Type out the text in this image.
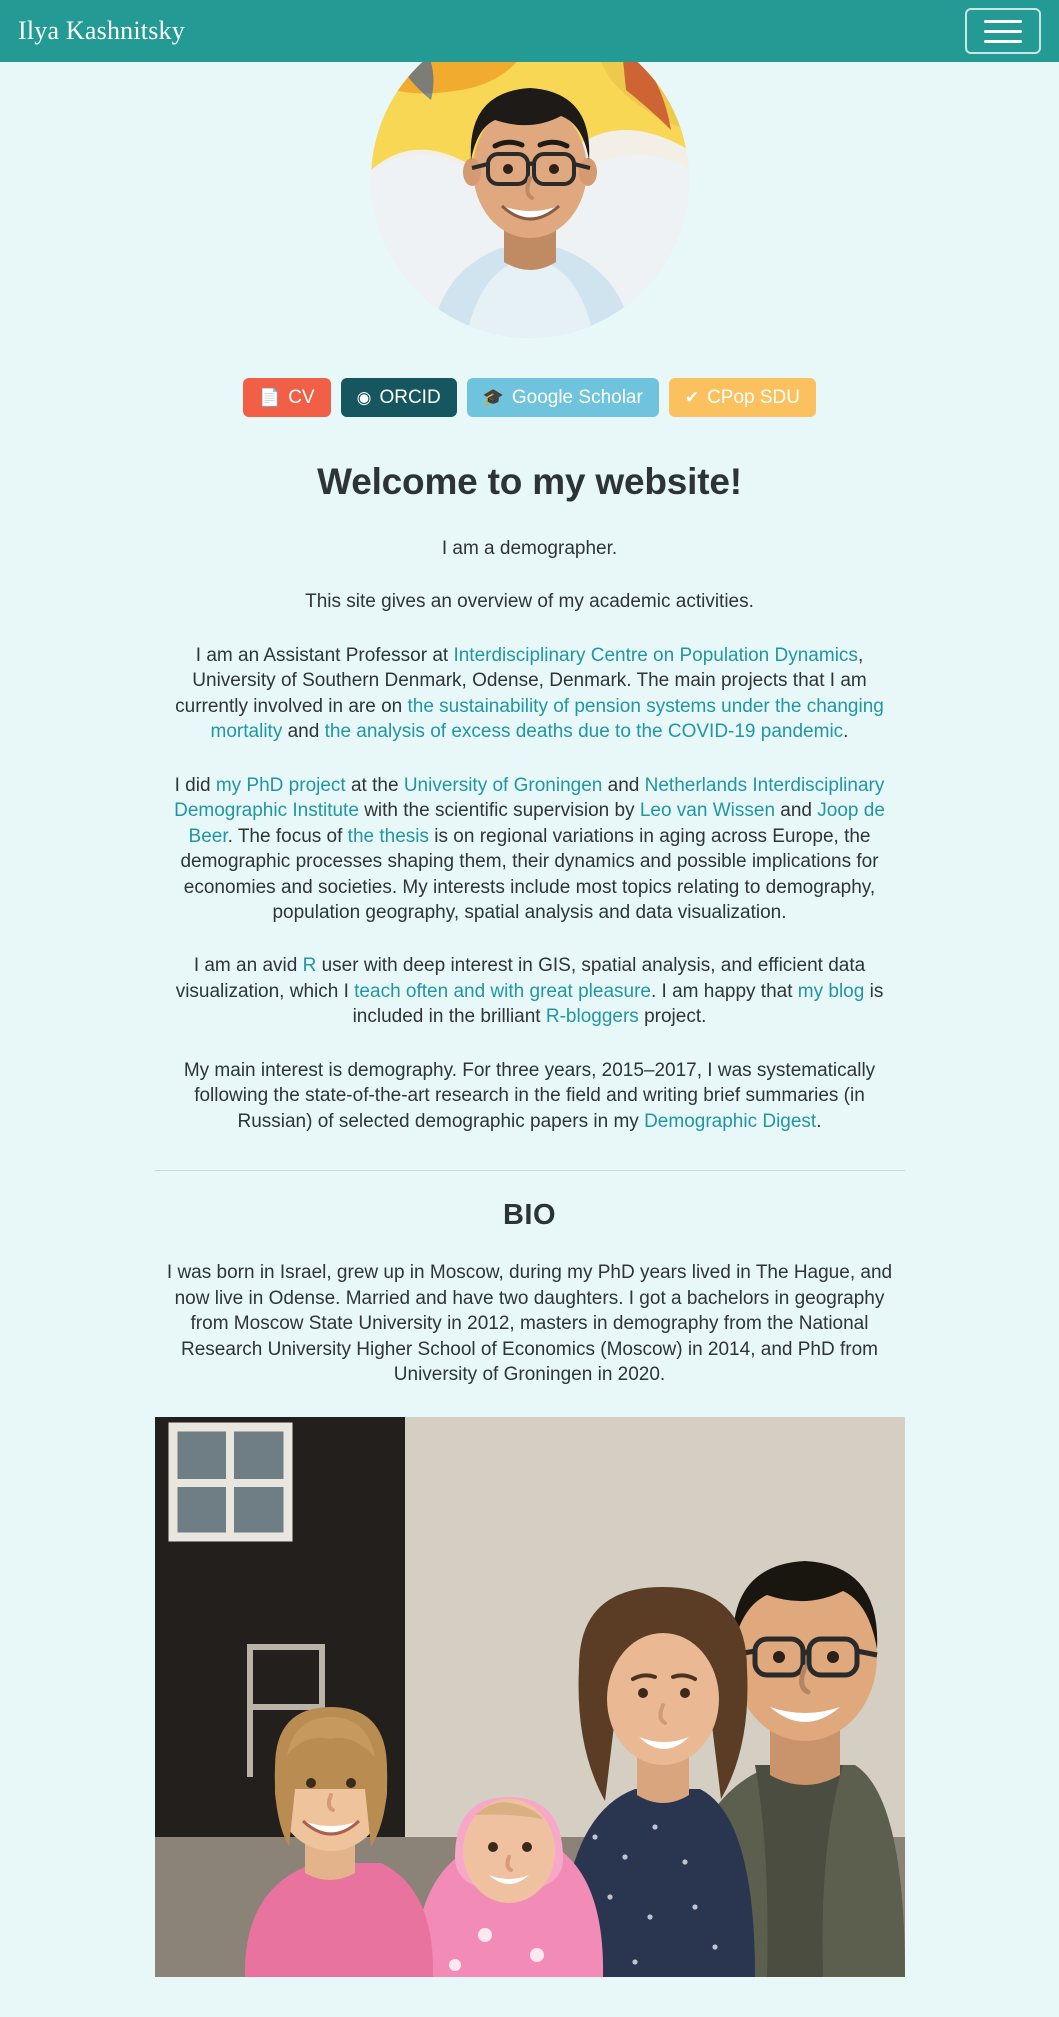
Ilya Kashnitsky
📄 CV ◉ ORCID 🎓 Google Scholar ✔ CPop SDU
Welcome to my website!

I am a demographer.

This site gives an overview of my academic activities.

I am an Assistant Professor at Interdisciplinary Centre on Population Dynamics, University of Southern Denmark, Odense, Denmark. The main projects that I am currently involved in are on the sustainability of pension systems under the changing mortality and the analysis of excess deaths due to the COVID-19 pandemic.

I did my PhD project at the University of Groningen and Netherlands Interdisciplinary Demographic Institute with the scientific supervision by Leo van Wissen and Joop de Beer. The focus of the thesis is on regional variations in aging across Europe, the demographic processes shaping them, their dynamics and possible implications for economies and societies. My interests include most topics relating to demography, population geography, spatial analysis and data visualization.

I am an avid R user with deep interest in GIS, spatial analysis, and efficient data visualization, which I teach often and with great pleasure. I am happy that my blog is included in the brilliant R-bloggers project.

My main interest is demography. For three years, 2015–2017, I was systematically following the state-of-the-art research in the field and writing brief summaries (in Russian) of selected demographic papers in my Demographic Digest.

BIO

I was born in Israel, grew up in Moscow, during my PhD years lived in The Hague, and now live in Odense. Married and have two daughters. I got a bachelors in geography from Moscow State University in 2012, masters in demography from the National Research University Higher School of Economics (Moscow) in 2014, and PhD from University of Groningen in 2020.
